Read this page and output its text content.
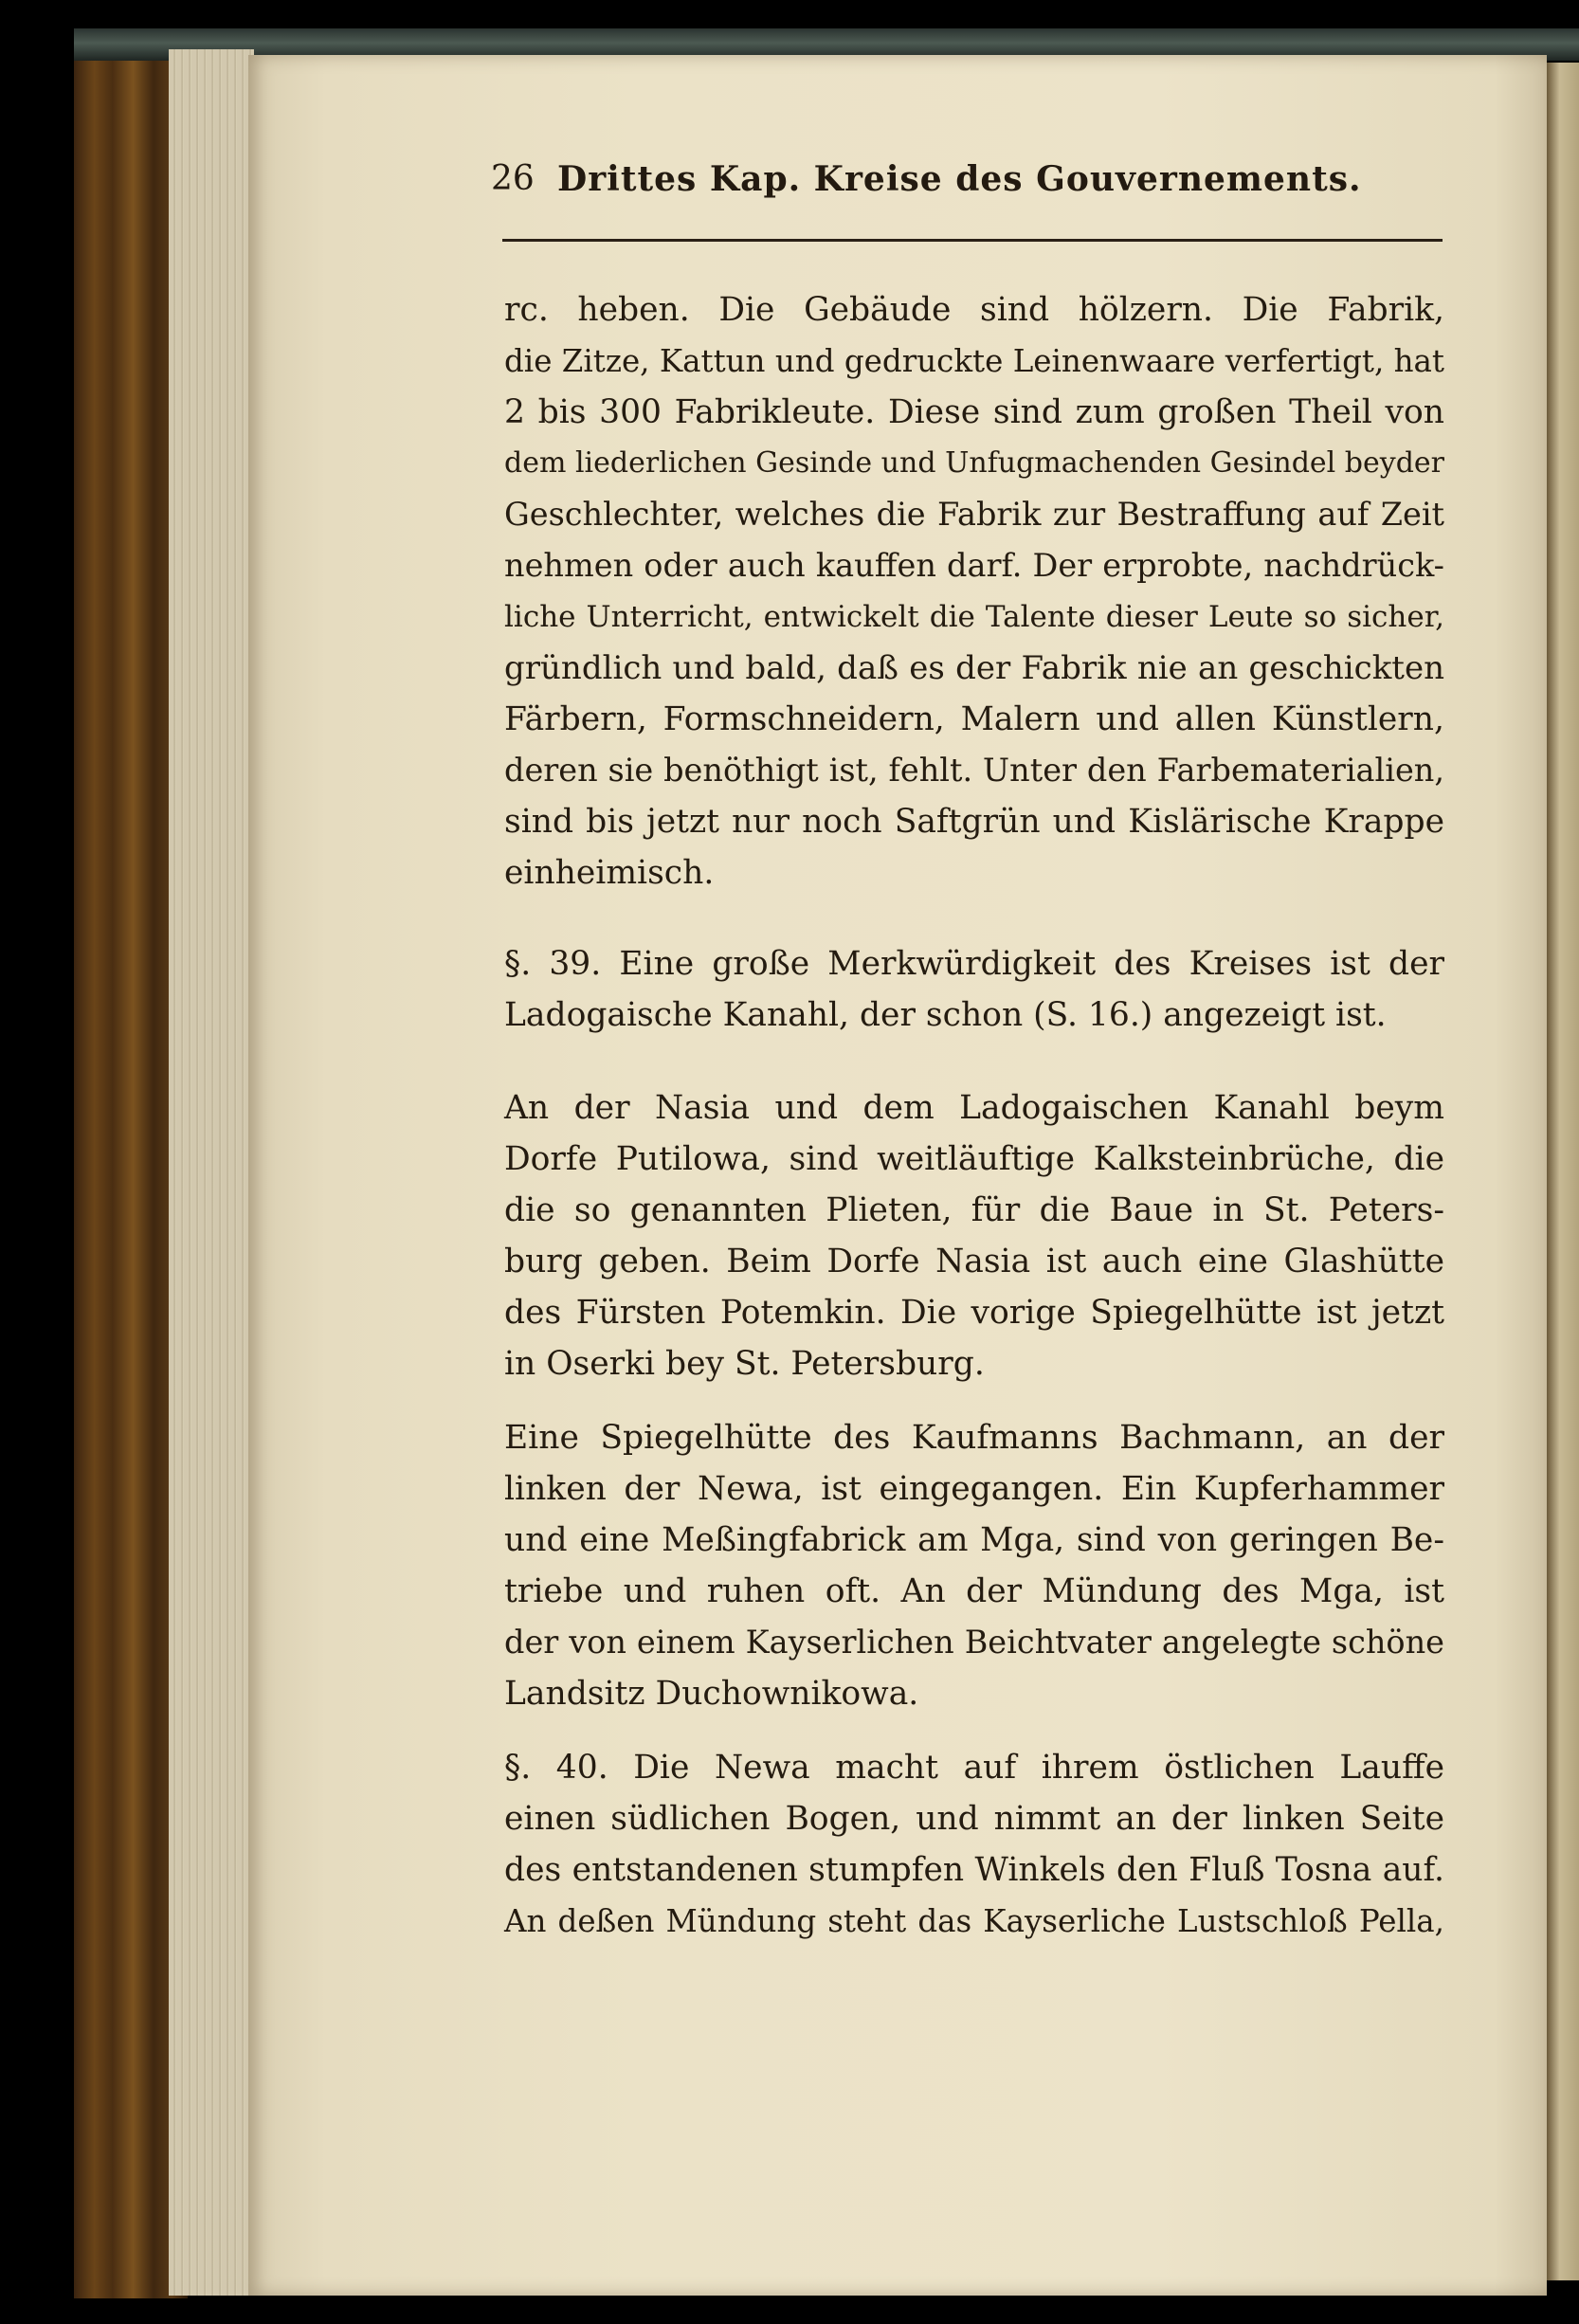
26 Drittes Kap. Kreise des Gouvernements.
rc. heben. Die Gebäude sind hölzern. Die Fabrik,
die Zitze, Kattun und gedruckte Leinenwaare verfertigt, hat
2 bis 300 Fabrikleute. Diese sind zum großen Theil von
dem liederlichen Gesinde und Unfugmachenden Gesindel beyder
Geschlechter, welches die Fabrik zur Bestraffung auf Zeit
nehmen oder auch kauffen darf. Der erprobte, nachdrück-
liche Unterricht, entwickelt die Talente dieser Leute so sicher,
gründlich und bald, daß es der Fabrik nie an geschickten
Färbern, Formschneidern, Malern und allen Künstlern,
deren sie benöthigt ist, fehlt. Unter den Farbematerialien,
sind bis jetzt nur noch Saftgrün und Kislärische Krappe
einheimisch.
§. 39. Eine große Merkwürdigkeit des Kreises ist der
Ladogaische Kanahl, der schon (S. 16.) angezeigt ist.
An der Nasia und dem Ladogaischen Kanahl beym
Dorfe Putilowa, sind weitläuftige Kalksteinbrüche, die
die so genannten Plieten, für die Baue in St. Peters-
burg geben. Beim Dorfe Nasia ist auch eine Glashütte
des Fürsten Potemkin. Die vorige Spiegelhütte ist jetzt
in Oserki bey St. Petersburg.
Eine Spiegelhütte des Kaufmanns Bachmann, an der
linken der Newa, ist eingegangen. Ein Kupferhammer
und eine Meßingfabrick am Mga, sind von geringen Be-
triebe und ruhen oft. An der Mündung des Mga, ist
der von einem Kayserlichen Beichtvater angelegte schöne
Landsitz Duchownikowa.
§. 40. Die Newa macht auf ihrem östlichen Lauffe
einen südlichen Bogen, und nimmt an der linken Seite
des entstandenen stumpfen Winkels den Fluß Tosna auf.
An deßen Mündung steht das Kayserliche Lustschloß Pella,
